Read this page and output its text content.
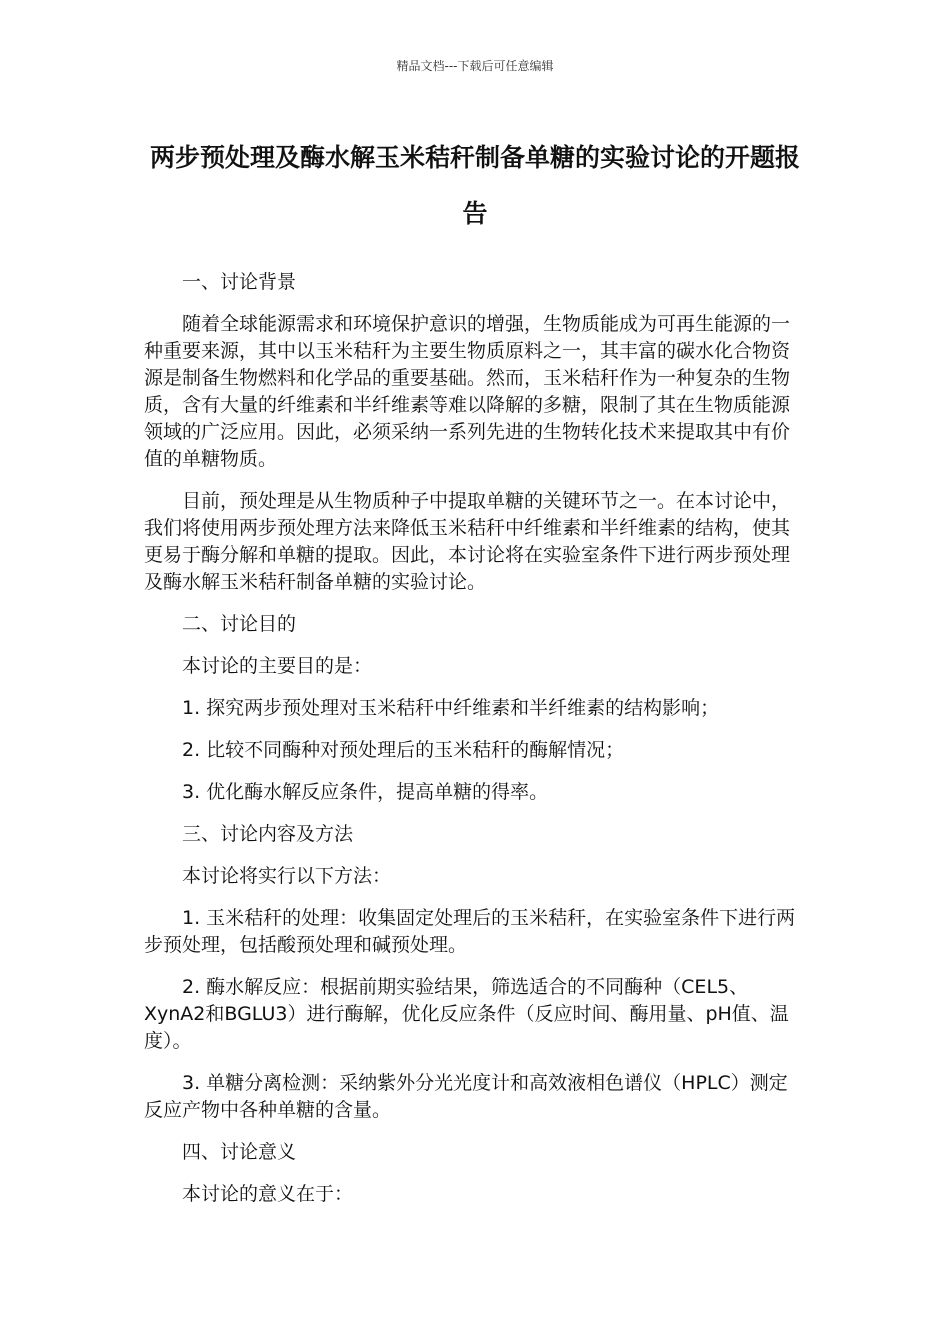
精品文档---下载后可任意编辑
两步预处理及酶水解玉米秸秆制备单糖的实验讨论的开题报告

一、讨论背景

随着全球能源需求和环境保护意识的增强，生物质能成为可再生能源的一种重要来源，其中以玉米秸秆为主要生物质原料之一，其丰富的碳水化合物资源是制备生物燃料和化学品的重要基础。然而，玉米秸秆作为一种复杂的生物质，含有大量的纤维素和半纤维素等难以降解的多糖，限制了其在生物质能源领域的广泛应用。因此，必须采纳一系列先进的生物转化技术来提取其中有价值的单糖物质。

目前，预处理是从生物质种子中提取单糖的关键环节之一。在本讨论中，我们将使用两步预处理方法来降低玉米秸秆中纤维素和半纤维素的结构，使其更易于酶分解和单糖的提取。因此，本讨论将在实验室条件下进行两步预处理及酶水解玉米秸秆制备单糖的实验讨论。

二、讨论目的

本讨论的主要目的是：

1. 探究两步预处理对玉米秸秆中纤维素和半纤维素的结构影响；

2. 比较不同酶种对预处理后的玉米秸秆的酶解情况；

3. 优化酶水解反应条件，提高单糖的得率。

三、讨论内容及方法

本讨论将实行以下方法：

1. 玉米秸秆的处理：收集固定处理后的玉米秸秆，在实验室条件下进行两步预处理，包括酸预处理和碱预处理。

2. 酶水解反应：根据前期实验结果，筛选适合的不同酶种（CEL5、XynA2和BGLU3）进行酶解，优化反应条件（反应时间、酶用量、pH值、温度）。

3. 单糖分离检测：采纳紫外分光光度计和高效液相色谱仪（HPLC）测定反应产物中各种单糖的含量。

四、讨论意义

本讨论的意义在于：
